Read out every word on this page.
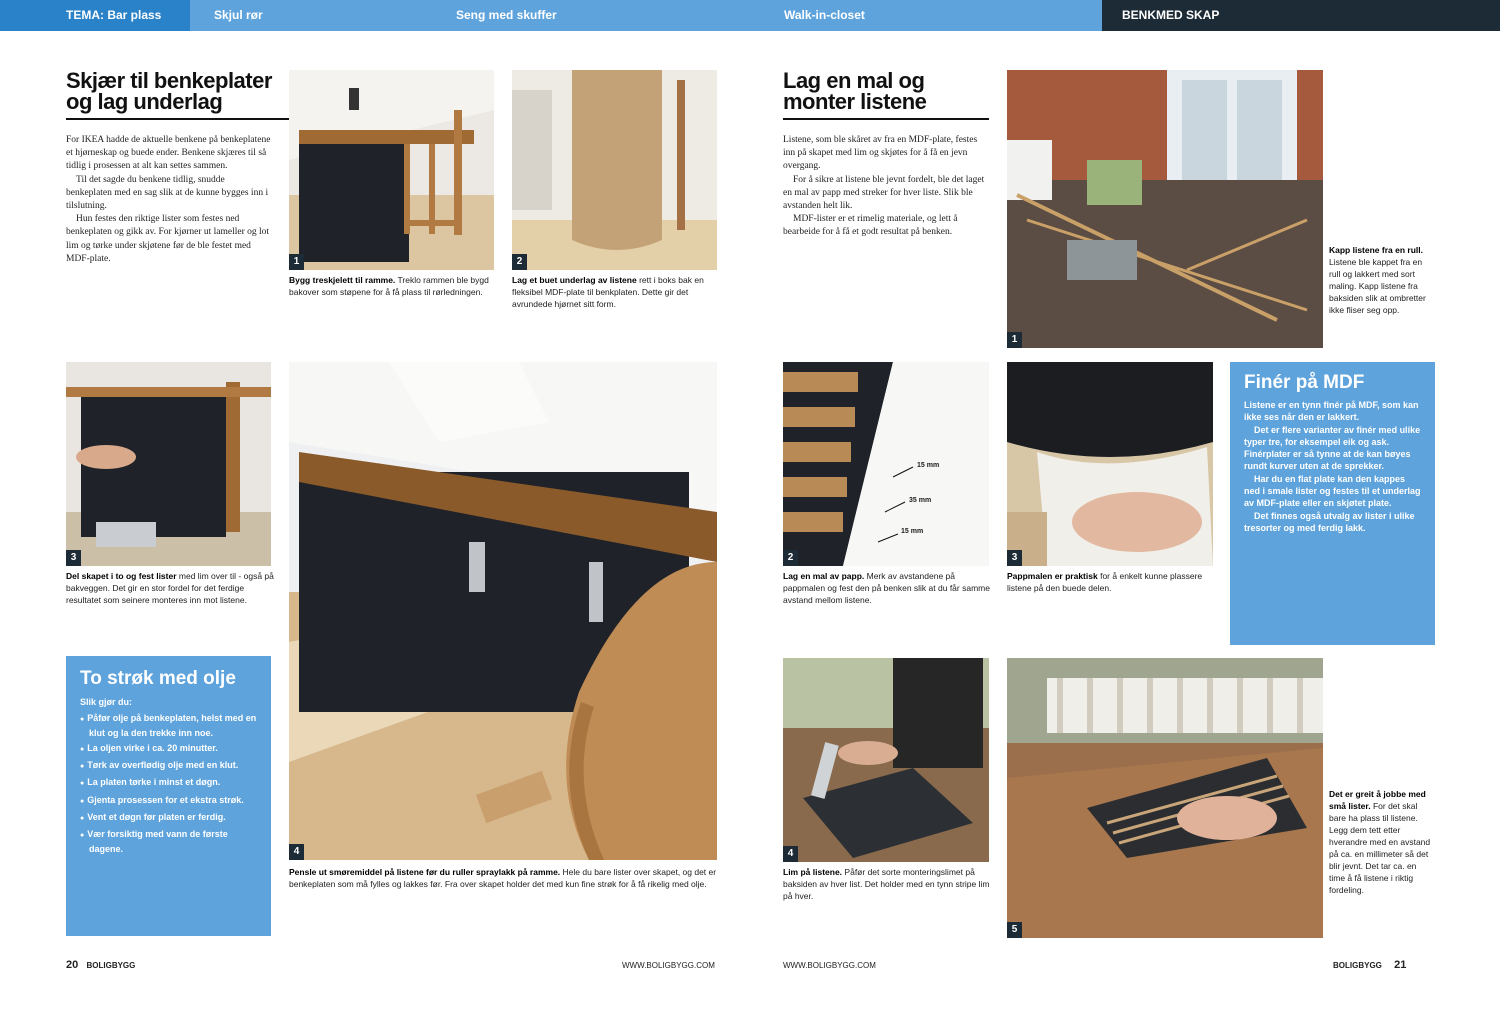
TEMA: Bar plass	Skjul rør	Seng med skuffer	Walk-in-closet	BENKMED SKAP
Skjær til benkeplater
og lag underlag

For IKEA hadde de aktuelle benkene på benkeplatene et hjørneskap og buede ender. Benkene skjæres til så tidlig i prosessen at alt kan settes sammen.

Til det sagde du benkene tidlig, snudde benkeplaten med en sag slik at de kunne bygges inn i tilslutning.

Hun festes den riktige lister som festes ned benkeplaten og gikk av. For kjørner ut lameller og lot lim og tørke under skjøtene før de ble festet med MDF-plate.	1
Bygg treskjelett til ramme. Treklo rammen ble bygd bakover som støpene for å få plass til rørledningen.
2
Lag et buet underlag av listene rett i boks bak en fleksibel MDF-plate til benkplaten. Dette gir det avrundede hjørnet sitt form.
3
Del skapet i to og fest lister med lim over til - også på bakveggen. Det gir en stor fordel for det ferdige resultatet som seinere monteres inn mot listene.
To strøk med olje
Slik gjør du:
● Påfør olje på benkeplaten, helst med en klut og la den trekke inn noe.
● La oljen virke i ca. 20 minutter.
● Tørk av overflødig olje med en klut.
● La platen tørke i minst et døgn.
● Gjenta prosessen for et ekstra strøk.
● Vent et døgn før platen er ferdig.
● Vær forsiktig med vann de første dagene.	4
Pensle ut smøremiddel på listene før du ruller spraylakk på ramme. Hele du bare lister over skapet, og det er benkeplaten som må fylles og lakkes før. Fra over skapet holder det med kun fine strøk for å få rikelig med olje.
20 BOLIGBYGG	WWW.BOLIGBYGG.COM
Lag en mal og
monter listene

Listene, som ble skåret av fra en MDF-plate, festes inn på skapet med lim og skjøtes for å få en jevn overgang.

For å sikre at listene ble jevnt fordelt, ble det laget en mal av papp med streker for hver liste. Slik ble avstanden helt lik.

MDF-lister er et rimelig materiale, og lett å bearbeide for å få et godt resultat på benken.

1
Kapp listene fra en rull. Listene ble kappet fra en rull og lakkert med sort maling. Kapp listene fra baksiden slik at ombretter ikke fliser seg opp.
15 mm
35 mm
15 mm
2
Lag en mal av papp. Merk av avstandene på pappmalen og fest den på benken slik at du får samme avstand mellom listene.
3
Pappmalen er praktisk for å enkelt kunne plassere listene på den buede delen.
Finér på MDF

Listene er en tynn finér på MDF, som kan ikke ses når den er lakkert.

Det er flere varianter av finér med ulike typer tre, for eksempel eik og ask. Finérplater er så tynne at de kan bøyes rundt kurver uten at de sprekker.

Har du en flat plate kan den kappes ned i smale lister og festes til et underlag av MDF-plate eller en skjøtet plate.

Det finnes også utvalg av lister i ulike tresorter og med ferdig lakk.

4
Lim på listene. Påfør det sorte monteringslimet på baksiden av hver list. Det holder med en tynn stripe lim på hver.
5
Det er greit å jobbe med små lister. For det skal bare ha plass til listene. Legg dem tett etter hverandre med en avstand på ca. en millimeter så det blir jevnt. Det tar ca. en time å få listene i riktig fordeling.
WWW.BOLIGBYGG.COM	BOLIGBYGG 21
